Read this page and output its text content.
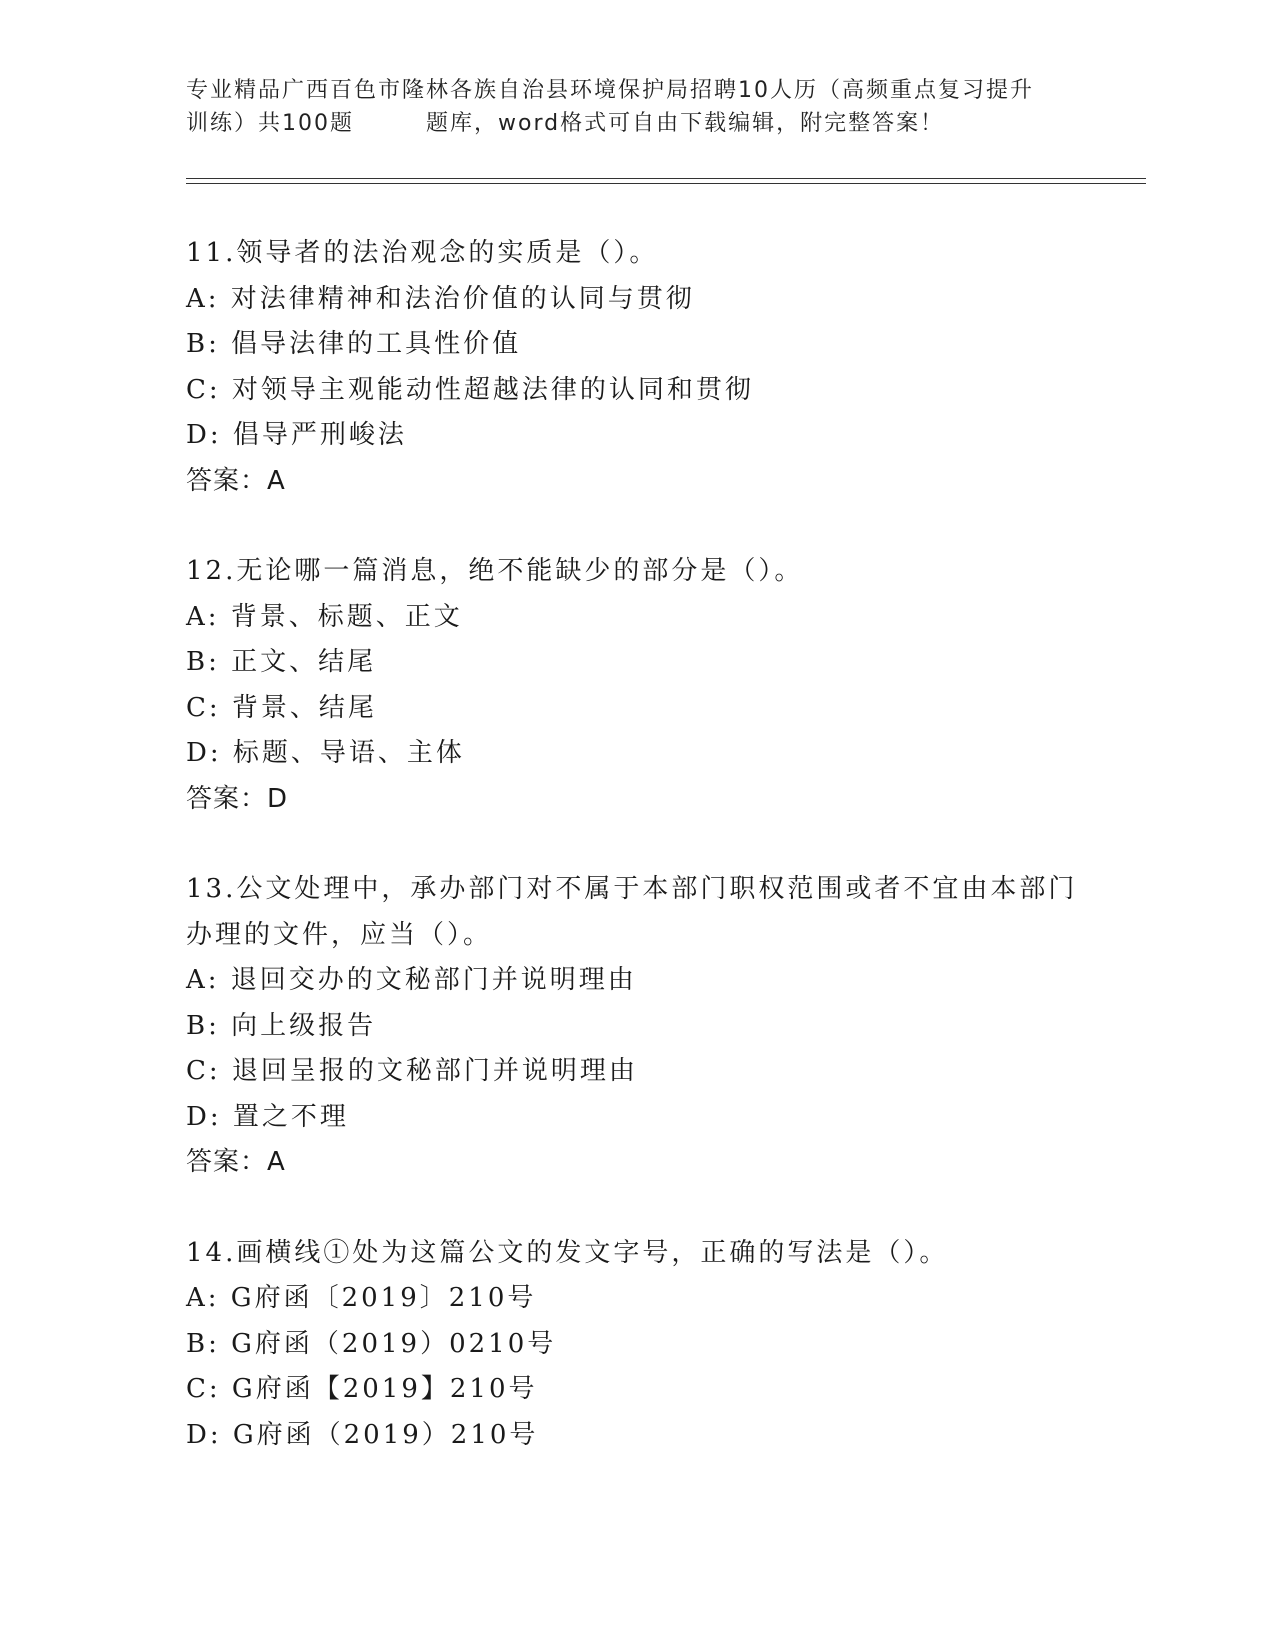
专业精品广西百色市隆林各族自治县环境保护局招聘10人历（高频重点复习提升
训练）共100题	题库，word格式可自由下载编辑，附完整答案！
11.领导者的法治观念的实质是（）。
A: 对法律精神和法治价值的认同与贯彻
B: 倡导法律的工具性价值
C: 对领导主观能动性超越法律的认同和贯彻
D: 倡导严刑峻法
答案：A
12.无论哪一篇消息，绝不能缺少的部分是（）。
A: 背景、标题、正文
B: 正文、结尾
C: 背景、结尾
D: 标题、导语、主体
答案：D
13.公文处理中，承办部门对不属于本部门职权范围或者不宜由本部门
办理的文件，应当（）。
A: 退回交办的文秘部门并说明理由
B: 向上级报告
C: 退回呈报的文秘部门并说明理由
D: 置之不理
答案：A
14.画横线①处为这篇公文的发文字号，正确的写法是（）。
A: G府函〔2019〕210号
B: G府函（2019）0210号
C: G府函【2019】210号
D: G府函（2019）210号
